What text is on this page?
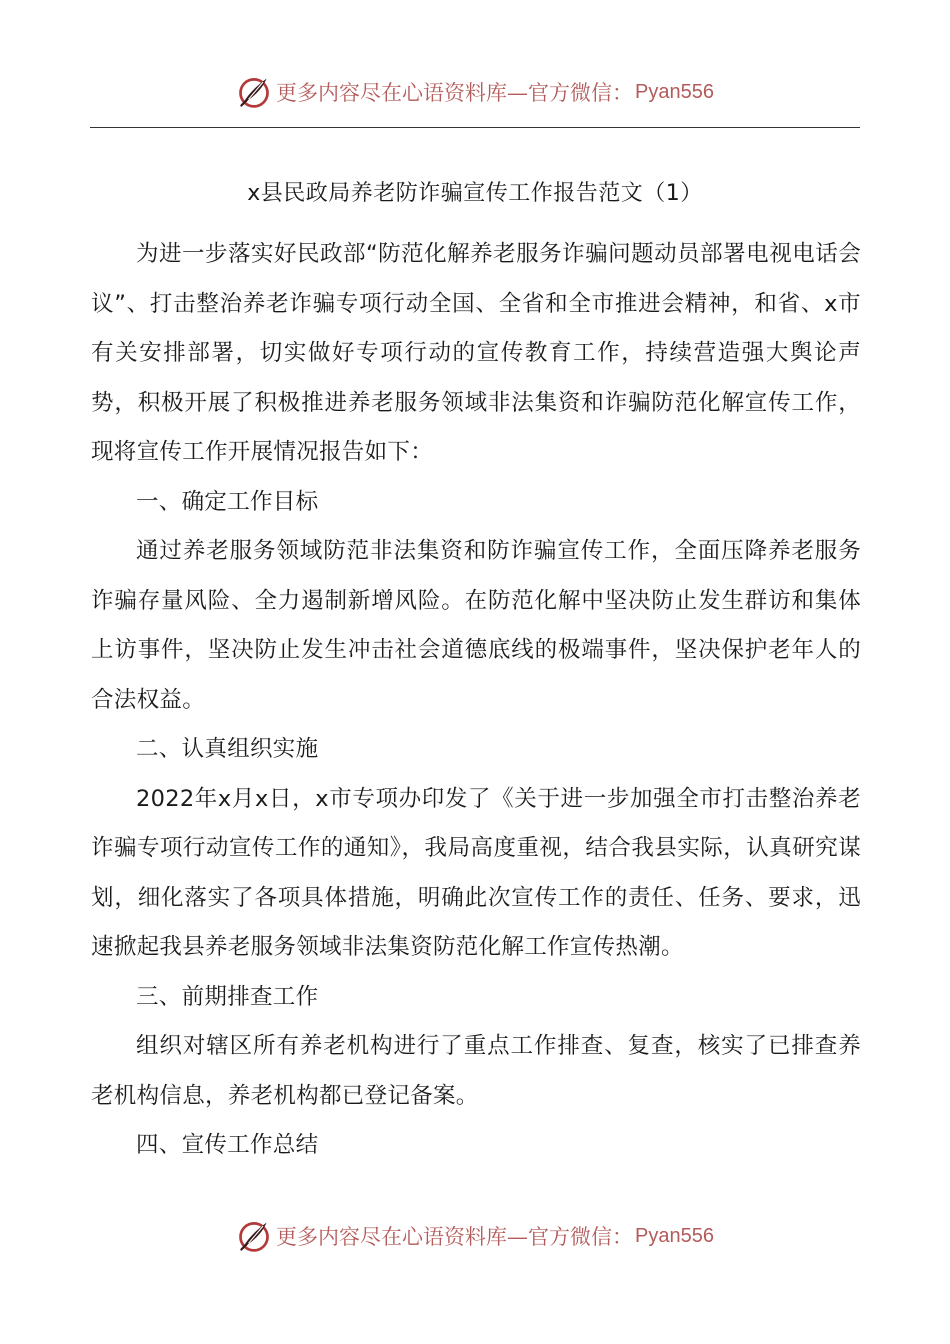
更多内容尽在心语资料库—官方微信： Pyan556
x县民政局养老防诈骗宣传工作报告范文（1）

为进一步落实好民政部“防范化解养老服务诈骗问题动员部署电视电话会议”、打击整治养老诈骗专项行动全国、全省和全市推进会精神，和省、x市有关安排部署，切实做好专项行动的宣传教育工作，持续营造强大舆论声势，积极开展了积极推进养老服务领域非法集资和诈骗防范化解宣传工作，现将宣传工作开展情况报告如下：

一、确定工作目标

通过养老服务领域防范非法集资和防诈骗宣传工作，全面压降养老服务诈骗存量风险、全力遏制新增风险。在防范化解中坚决防止发生群访和集体上访事件，坚决防止发生冲击社会道德底线的极端事件，坚决保护老年人的合法权益。

二、认真组织实施

2022年x月x日，x市专项办印发了《关于进一步加强全市打击整治养老诈骗专项行动宣传工作的通知》，我局高度重视，结合我县实际，认真研究谋划，细化落实了各项具体措施，明确此次宣传工作的责任、任务、要求，迅速掀起我县养老服务领域非法集资防范化解工作宣传热潮。

三、前期排查工作

组织对辖区所有养老机构进行了重点工作排查、复查，核实了已排查养老机构信息，养老机构都已登记备案。

四、宣传工作总结

更多内容尽在心语资料库—官方微信： Pyan556
